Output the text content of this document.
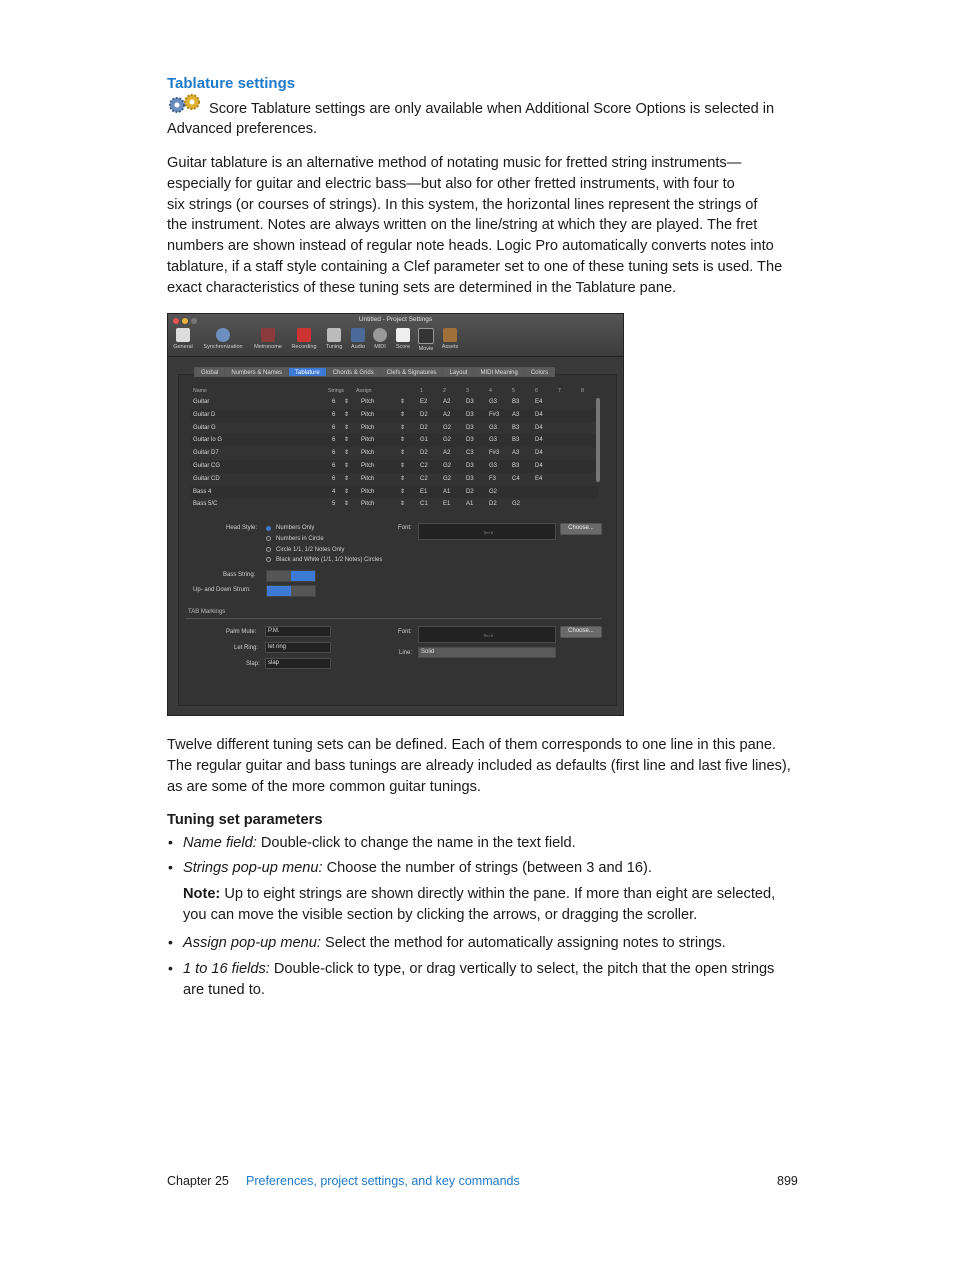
Tablature settings
Score Tablature settings are only available when Additional Score Options is selected in
Advanced preferences.
Guitar tablature is an alternative method of notating music for fretted string instruments—
especially for guitar and electric bass—but also for other fretted instruments, with four to
six strings (or courses of strings). In this system, the horizontal lines represent the strings of
the instrument. Notes are always written on the line/string at which they are played. The fret
numbers are shown instead of regular note heads. Logic Pro automatically converts notes into
tablature, if a staff style containing a Clef parameter set to one of these tuning sets is used. The
exact characteristics of these tuning sets are determined in the Tablature pane.
Untitled - Project Settings
General	Synchronization	Metronome	Recording	Tuning	Audio	MIDI	Score	Movie	Assets
Global	Numbers & Names	Tablature	Chords & Grids	Clefs & Signatures	Layout	MIDI Meaning	Colors
Name	Strings Assign	1	2	3	4	5	6	7	8
Guitar	6 ⇕ Pitch	⇕ E2	A2	D3	G3 B3	E4
Guitar D	6 ⇕ Pitch	⇕ D2	A2	D3	F#3 A3	D4
Guitar G	6 ⇕ Pitch	⇕ D2	G2 D3	G3 B3	D4
Guitar lo G	6 ⇕ Pitch	⇕ G1 G2 D3	G3 B3	D4
Guitar D7	6 ⇕ Pitch	⇕ D2	A2	C3	F#3 A3	D4
Guitar CG	6 ⇕ Pitch	⇕ C2	G2 D3	G3 B3	D4
Guitar CD	6 ⇕ Pitch	⇕ C2	G2 D3	F3	C4	E4
Bass 4	4 ⇕ Pitch	⇕ E1	A1	D2	G2
Bass 5/C	5 ⇕ Pitch	⇕ C1	E1	A1	D2	G2
Head Style:	Numbers Only
Numbers in Circle
Circle 1/1, 1/2 Notes Only
Black and White (1/1, 1/2 Notes) Circles
Font:
Tim 8
Choose...
Bass String:
Up- and Down Strum:
TAB Markings
Palm Mute:	P.M.
Let Ring:	let ring
Slap:	slap
Font:
Tim 8
Choose...
Line:	Solid
Twelve different tuning sets can be defined. Each of them corresponds to one line in this pane.
The regular guitar and bass tunings are already included as defaults (first line and last five lines),
as are some of the more common guitar tunings.
Tuning set parameters
• Name field: Double-click to change the name in the text field.
• Strings pop-up menu: Choose the number of strings (between 3 and 16).
Note: Up to eight strings are shown directly within the pane. If more than eight are selected,
you can move the visible section by clicking the arrows, or dragging the scroller.
• Assign pop-up menu: Select the method for automatically assigning notes to strings.
• 1 to 16 fields: Double-click to type, or drag vertically to select, the pitch that the open strings
are tuned to.
Chapter 25 Preferences, project settings, and key commands	899
